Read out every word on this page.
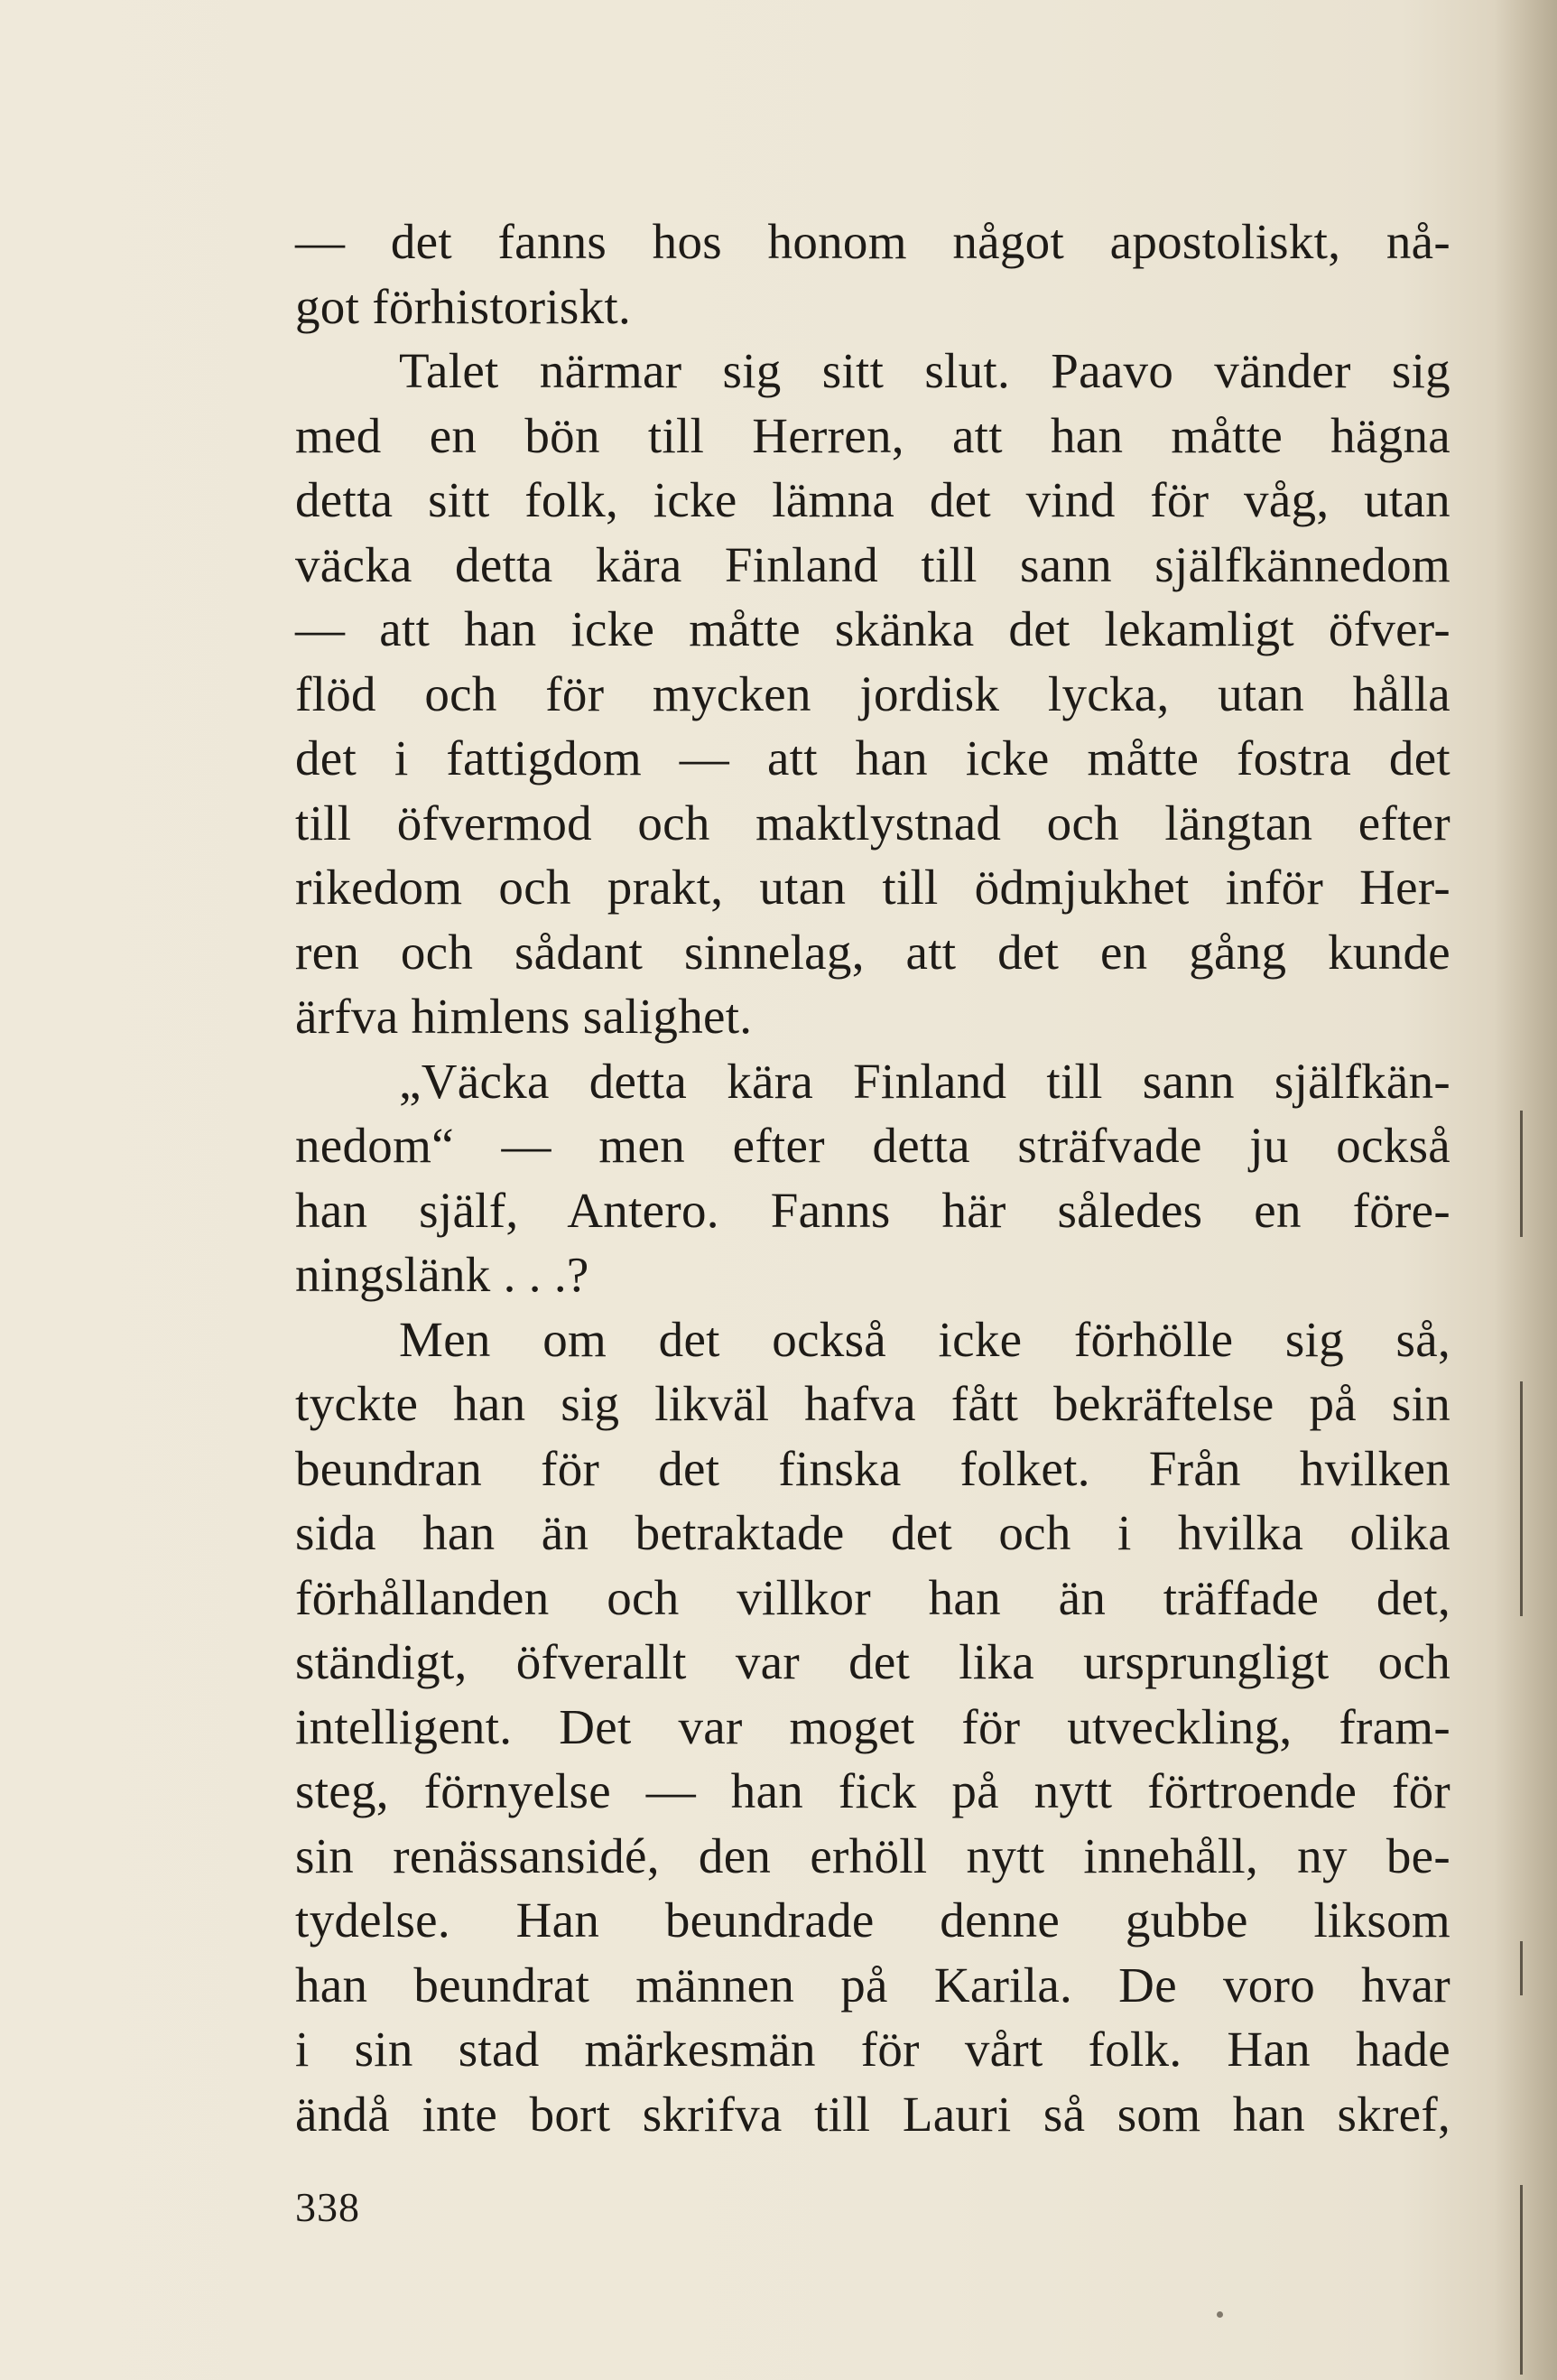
— det fanns hos honom något apostoliskt, nå-
got förhistoriskt.
Talet närmar sig sitt slut. Paavo vänder sig
med en bön till Herren, att han måtte hägna
detta sitt folk, icke lämna det vind för våg, utan
väcka detta kära Finland till sann själfkännedom
— att han icke måtte skänka det lekamligt öfver-
flöd och för mycken jordisk lycka, utan hålla
det i fattigdom — att han icke måtte fostra det
till öfvermod och maktlystnad och längtan efter
rikedom och prakt, utan till ödmjukhet inför Her-
ren och sådant sinnelag, att det en gång kunde
ärfva himlens salighet.
„Väcka detta kära Finland till sann själfkän-
nedom“ — men efter detta sträfvade ju också
han själf, Antero. Fanns här således en före-
ningslänk . . .?
Men om det också icke förhölle sig så,
tyckte han sig likväl hafva fått bekräftelse på sin
beundran för det finska folket. Från hvilken
sida han än betraktade det och i hvilka olika
förhållanden och villkor han än träffade det,
ständigt, öfverallt var det lika ursprungligt och
intelligent. Det var moget för utveckling, fram-
steg, förnyelse — han fick på nytt förtroende för
sin renässansidé, den erhöll nytt innehåll, ny be-
tydelse. Han beundrade denne gubbe liksom
han beundrat männen på Karila. De voro hvar
i sin stad märkesmän för vårt folk. Han hade
ändå inte bort skrifva till Lauri så som han skref,
338
